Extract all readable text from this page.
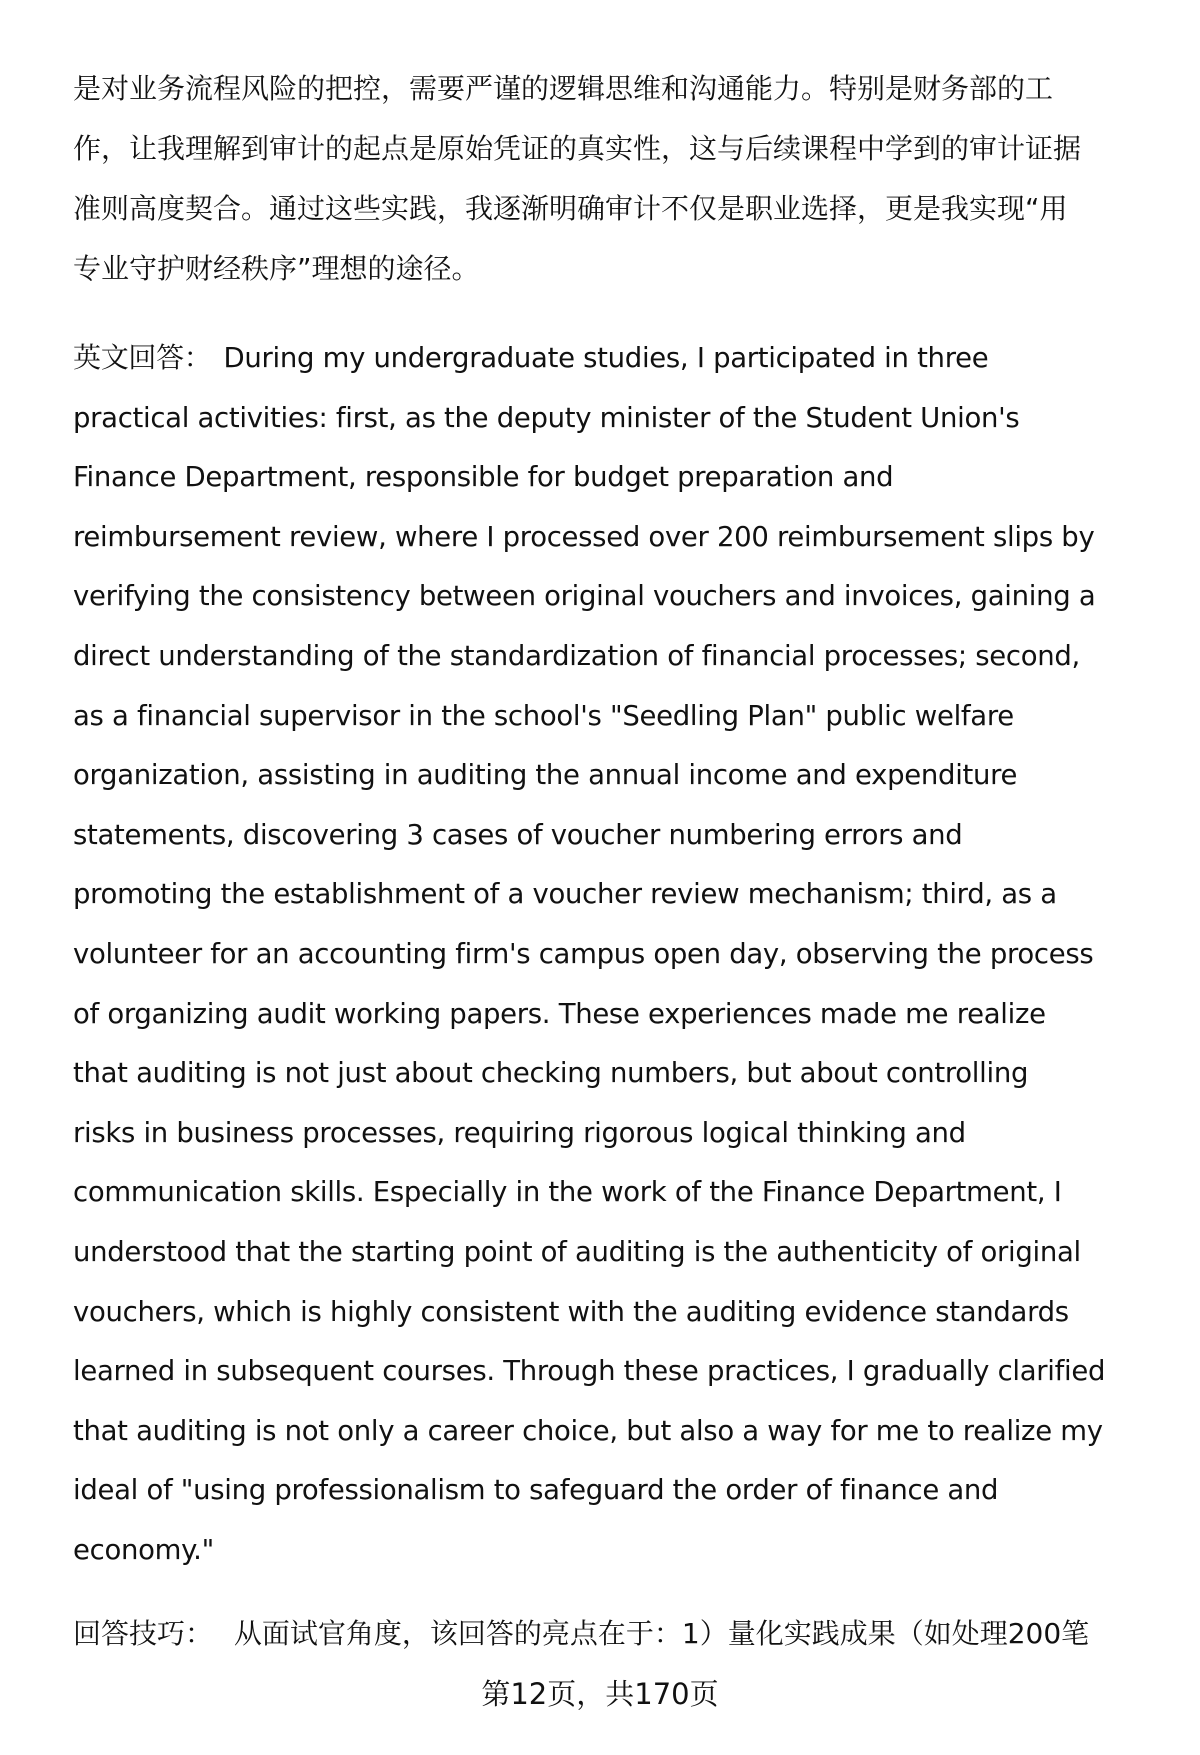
是对业务流程风险的把控，需要严谨的逻辑思维和沟通能力。特别是财务部的工
作，让我理解到审计的起点是原始凭证的真实性，这与后续课程中学到的审计证据
准则高度契合。通过这些实践，我逐渐明确审计不仅是职业选择，更是我实现“用
专业守护财经秩序”理想的途径。
英文回答： During my undergraduate studies, I participated in three
practical activities: first, as the deputy minister of the Student Union's
Finance Department, responsible for budget preparation and
reimbursement review, where I processed over 200 reimbursement slips by
verifying the consistency between original vouchers and invoices, gaining a
direct understanding of the standardization of financial processes; second,
as a financial supervisor in the school's "Seedling Plan" public welfare
organization, assisting in auditing the annual income and expenditure
statements, discovering 3 cases of voucher numbering errors and
promoting the establishment of a voucher review mechanism; third, as a
volunteer for an accounting firm's campus open day, observing the process
of organizing audit working papers. These experiences made me realize
that auditing is not just about checking numbers, but about controlling
risks in business processes, requiring rigorous logical thinking and
communication skills. Especially in the work of the Finance Department, I
understood that the starting point of auditing is the authenticity of original
vouchers, which is highly consistent with the auditing evidence standards
learned in subsequent courses. Through these practices, I gradually clarified
that auditing is not only a career choice, but also a way for me to realize my
ideal of "using professionalism to safeguard the order of finance and
economy."
回答技巧： 从面试官角度，该回答的亮点在于：1）量化实践成果（如处理200笔
第12页，共170页
